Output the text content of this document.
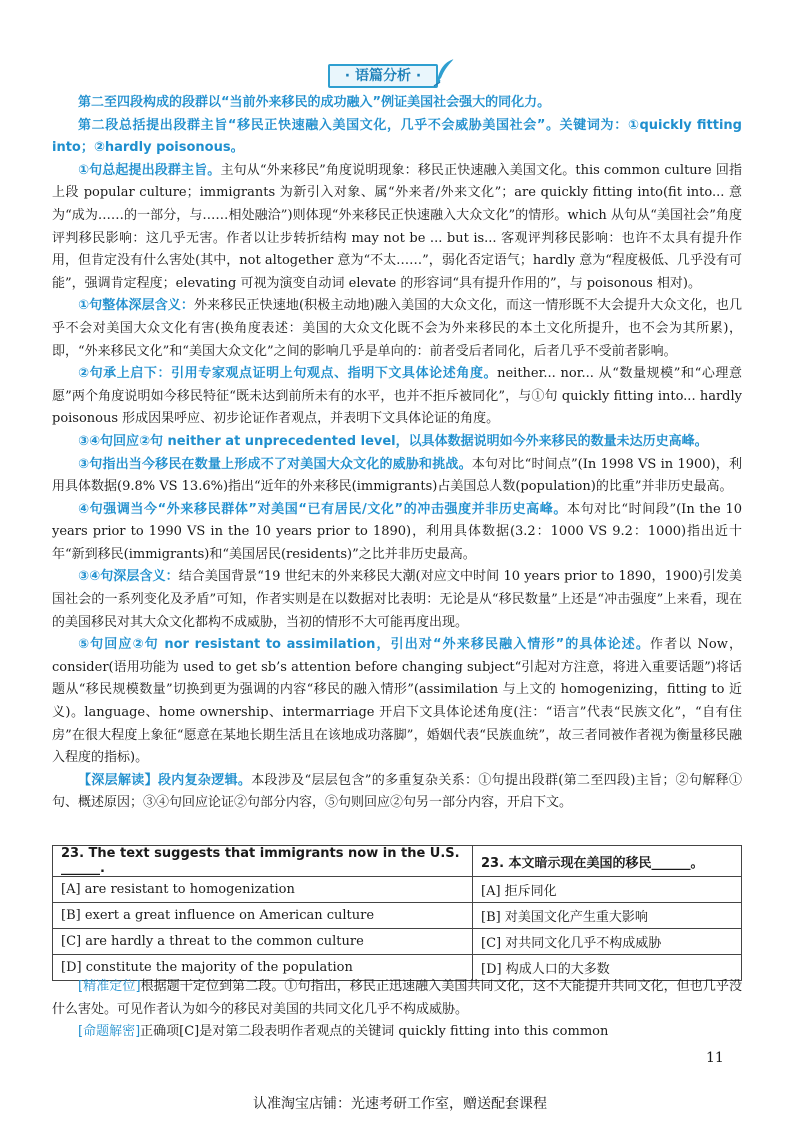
· 语篇分析 ·

第二至四段构成的段群以“当前外来移民的成功融入”例证美国社会强大的同化力。

第二段总括提出段群主旨“移民正快速融入美国文化，几乎不会威胁美国社会”。关键词为：①quickly fitting into；②hardly poisonous。

①句总起提出段群主旨。主句从“外来移民”角度说明现象：移民正快速融入美国文化。this common culture 回指上段 popular culture；immigrants 为新引入对象、属“外来者/外来文化”；are quickly fitting into(fit into... 意为“成为……的一部分，与……相处融洽”)则体现“外来移民正快速融入大众文化”的情形。which 从句从“美国社会”角度评判移民影响：这几乎无害。作者以让步转折结构 may not be ... but is... 客观评判移民影响：也许不太具有提升作用，但肯定没有什么害处(其中，not altogether 意为“不太……”，弱化否定语气；hardly 意为“程度极低、几乎没有可能”，强调肯定程度；elevating 可视为演变自动词 elevate 的形容词“具有提升作用的”，与 poisonous 相对)。

①句整体深层含义：外来移民正快速地(积极主动地)融入美国的大众文化，而这一情形既不大会提升大众文化，也几乎不会对美国大众文化有害(换角度表述：美国的大众文化既不会为外来移民的本土文化所提升，也不会为其所累)，即，“外来移民文化”和“美国大众文化”之间的影响几乎是单向的：前者受后者同化，后者几乎不受前者影响。

②句承上启下：引用专家观点证明上句观点、指明下文具体论述角度。neither... nor... 从“数量规模”和“心理意愿”两个角度说明如今移民特征“既未达到前所未有的水平，也并不拒斥被同化”，与①句 quickly fitting into... hardly poisonous 形成因果呼应、初步论证作者观点，并表明下文具体论证的角度。

③④句回应②句 neither at unprecedented level，以具体数据说明如今外来移民的数量未达历史高峰。

③句指出当今移民在数量上形成不了对美国大众文化的威胁和挑战。本句对比“时间点”(In 1998 VS in 1900)，利用具体数据(9.8% VS 13.6%)指出“近年的外来移民(immigrants)占美国总人数(population)的比重”并非历史最高。

④句强调当今“外来移民群体”对美国“已有居民/文化”的冲击强度并非历史高峰。本句对比“时间段”(In the 10 years prior to 1990 VS in the 10 years prior to 1890)，利用具体数据(3.2：1000 VS 9.2：1000)指出近十年“新到移民(immigrants)和“美国居民(residents)”之比并非历史最高。

③④句深层含义：结合美国背景“19 世纪末的外来移民大潮(对应文中时间 10 years prior to 1890，1900)引发美国社会的一系列变化及矛盾”可知，作者实则是在以数据对比表明：无论是从“移民数量”上还是“冲击强度”上来看，现在的美国移民对其大众文化都构不成威胁，当初的情形不大可能再度出现。

⑤句回应②句 nor resistant to assimilation，引出对“外来移民融入情形”的具体论述。作者以 Now，consider(语用功能为 used to get sb’s attention before changing subject“引起对方注意，将进入重要话题”)将话题从“移民规模数量”切换到更为强调的内容“移民的融入情形”(assimilation 与上文的 homogenizing，fitting to 近义)。language、home ownership、intermarriage 开启下文具体论述角度(注：“语言”代表“民族文化”，“自有住房”在很大程度上象征“愿意在某地长期生活且在该地成功落脚”，婚姻代表“民族血统”，故三者同被作者视为衡量移民融入程度的指标)。

【深层解读】段内复杂逻辑。本段涉及“层层包含”的多重复杂关系：①句提出段群(第二至四段)主旨；②句解释①句、概述原因；③④句回应论证②句部分内容，⑤句则回应②句另一部分内容，开启下文。

23. The text suggests that immigrants now in the U.S. ______.	23. 本文暗示现在美国的移民______。
[A] are resistant to homogenization	[A] 拒斥同化
[B] exert a great influence on American culture	[B] 对美国文化产生重大影响
[C] are hardly a threat to the common culture	[C] 对共同文化几乎不构成威胁
[D] constitute the majority of the population	[D] 构成人口的大多数

[精准定位]根据题干定位到第二段。①句指出，移民正迅速融入美国共同文化，这不大能提升共同文化，但也几乎没什么害处。可见作者认为如今的移民对美国的共同文化几乎不构成威胁。

[命题解密]正确项[C]是对第二段表明作者观点的关键词 quickly fitting into this common

11
认准淘宝店铺：光速考研工作室，赠送配套课程
